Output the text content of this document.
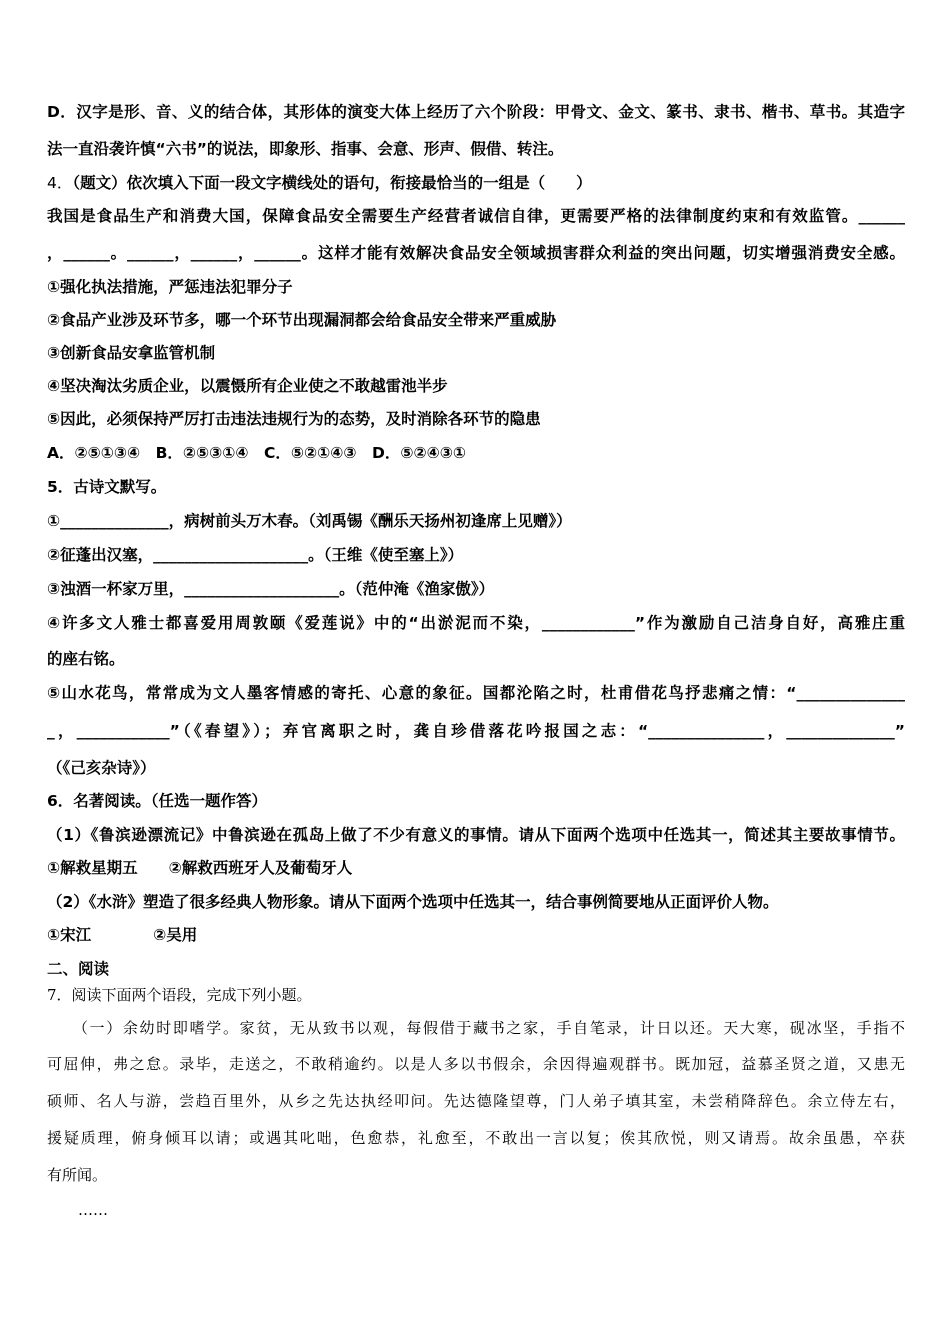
D．汉字是形、音、义的结合体，其形体的演变大体上经历了六个阶段：甲骨文、金文、篆书、隶书、楷书、草书。其造字
法一直沿袭许慎“六书”的说法，即象形、指事、会意、形声、假借、转注。
4．（题文）依次填入下面一段文字横线处的语句，衔接最恰当的一组是（　　）
我国是食品生产和消费大国，保障食品安全需要生产经营者诚信自律，更需要严格的法律制度约束和有效监管。______
，______。______，______，______。这样才能有效解决食品安全领域损害群众利益的突出问题，切实增强消费安全感。
①强化执法措施，严惩违法犯罪分子
②食品产业涉及环节多，哪一个环节出现漏洞都会给食品安全带来严重威胁
③创新食品安拿监管机制
④坚决淘汰劣质企业，以震慑所有企业使之不敢越雷池半步
⑤因此，必须保持严厉打击违法违规行为的态势，及时消除各环节的隐患
A．②⑤①③④　B．②⑤③①④　C．⑤②①④③　D．⑤②④③①
5．古诗文默写。
①______________，病树前头万木春。（刘禹锡《酬乐天扬州初逢席上见赠》）
②征蓬出汉塞，____________________。（王维《使至塞上》）
③浊酒一杯家万里，____________________。（范仲淹《渔家傲》）
④许多文人雅士都喜爱用周敦颐《爱莲说》中的“出淤泥而不染，____________”作为激励自己洁身自好，高雅庄重
的座右铭。
⑤山水花鸟，常常成为文人墨客情感的寄托、心意的象征。国都沦陷之时，杜甫借花鸟抒悲痛之情：“______________
_，____________”（《春望》）；弃官离职之时，龚自珍借落花吟报国之志：“_______________，______________”
（《己亥杂诗》）
6．名著阅读。（任选一题作答）
（1）《鲁滨逊漂流记》中鲁滨逊在孤岛上做了不少有意义的事情。请从下面两个选项中任选其一，简述其主要故事情节。
①解救星期五　　②解救西班牙人及葡萄牙人
（2）《水浒》塑造了很多经典人物形象。请从下面两个选项中任选其一，结合事例简要地从正面评价人物。
①宋江　　　　②吴用
二、阅读
7．阅读下面两个语段，完成下列小题。
　　（一）余幼时即嗜学。家贫，无从致书以观，每假借于藏书之家，手自笔录，计日以还。天大寒，砚冰坚，手指不
可屈伸，弗之怠。录毕，走送之，不敢稍逾约。以是人多以书假余，余因得遍观群书。既加冠，益慕圣贤之道，又患无
硕师、名人与游，尝趋百里外，从乡之先达执经叩问。先达德隆望尊，门人弟子填其室，未尝稍降辞色。余立侍左右，
援疑质理，俯身倾耳以请；或遇其叱咄，色愈恭，礼愈至，不敢出一言以复；俟其欣悦，则又请焉。故余虽愚，卒获
有所闻。
……
